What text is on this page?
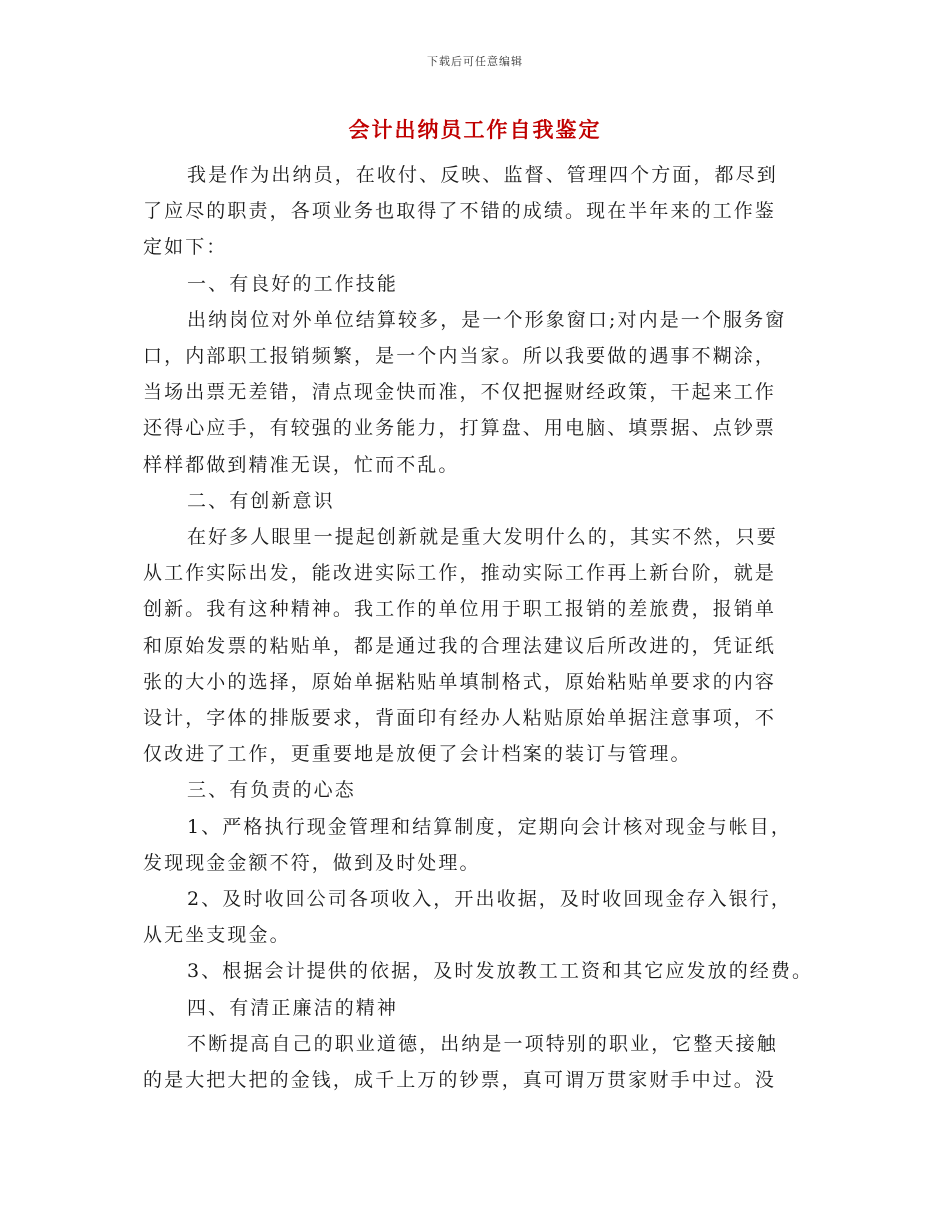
下载后可任意编辑
会计出纳员工作自我鉴定

我是作为出纳员，在收付、反映、监督、管理四个方面，都尽到
了应尽的职责，各项业务也取得了不错的成绩。现在半年来的工作鉴
定如下：

一、有良好的工作技能

出纳岗位对外单位结算较多，是一个形象窗口;对内是一个服务窗
口，内部职工报销频繁，是一个内当家。所以我要做的遇事不糊涂，
当场出票无差错，清点现金快而准，不仅把握财经政策，干起来工作
还得心应手，有较强的业务能力，打算盘、用电脑、填票据、点钞票
样样都做到精准无误，忙而不乱。

二、有创新意识

在好多人眼里一提起创新就是重大发明什么的，其实不然，只要
从工作实际出发，能改进实际工作，推动实际工作再上新台阶，就是
创新。我有这种精神。我工作的单位用于职工报销的差旅费，报销单
和原始发票的粘贴单，都是通过我的合理法建议后所改进的，凭证纸
张的大小的选择，原始单据粘贴单填制格式，原始粘贴单要求的内容
设计，字体的排版要求，背面印有经办人粘贴原始单据注意事项，不
仅改进了工作，更重要地是放便了会计档案的装订与管理。

三、有负责的心态

1、严格执行现金管理和结算制度，定期向会计核对现金与帐目，
发现现金金额不符，做到及时处理。

2、及时收回公司各项收入，开出收据，及时收回现金存入银行，
从无坐支现金。

3、根据会计提供的依据，及时发放教工工资和其它应发放的经费。

四、有清正廉洁的精神

不断提高自己的职业道德，出纳是一项特别的职业，它整天接触
的是大把大把的金钱，成千上万的钞票，真可谓万贯家财手中过。没
